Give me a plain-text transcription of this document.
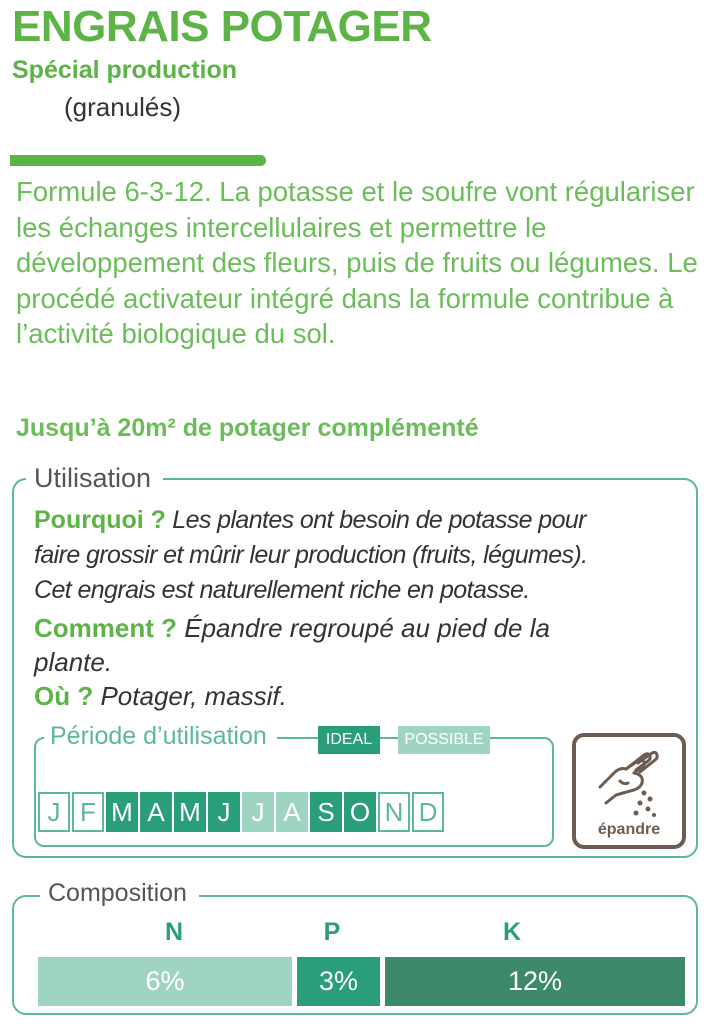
ENGRAIS POTAGER
Spécial production
(granulés)
Formule 6-3-12. La potasse et le soufre vont régulariser les échanges intercellulaires et permettre le développement des fleurs, puis de fruits ou légumes. Le procédé activateur intégré dans la formule contribue à l’activité biologique du sol.
Jusqu’à 20m² de potager complémenté
Utilisation
Pourquoi ? Les plantes ont besoin de potasse pour
faire grossir et mûrir leur production (fruits, légumes).
Cet engrais est naturellement riche en potasse.
Comment ? Épandre regroupé au pied de la
plante.
Où ? Potager, massif.
Période d’utilisation	IDEAL	POSSIBLE
J F M A M J J A S O N D
épandre
Composition
N	P	K
6%	3%	12%
